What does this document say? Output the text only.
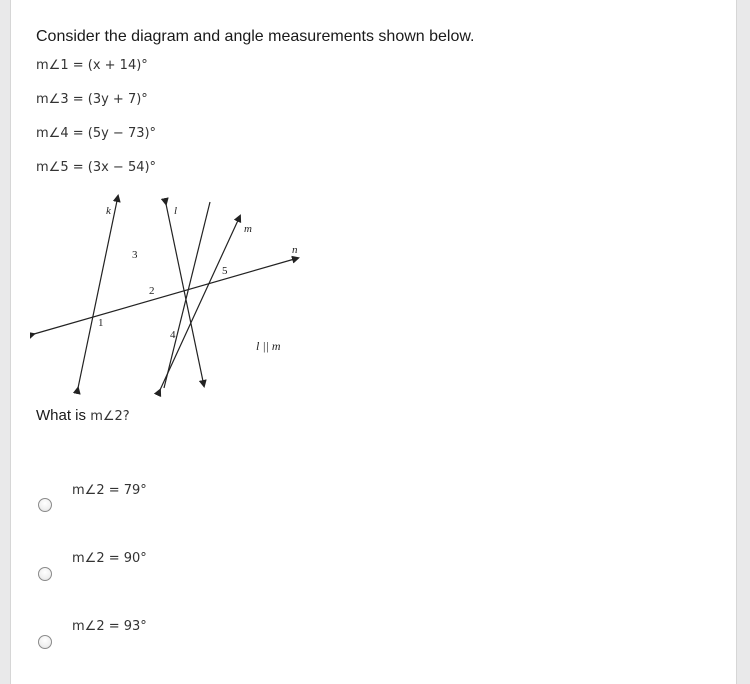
Consider the diagram and angle measurements shown below.
m∠1 = (x + 14)°
m∠3 = (3y + 7)°
m∠4 = (5y − 73)°
m∠5 = (3x − 54)°
k	l
m
n
1
2
3
4
5
l || m
What is m∠2?
m∠2 = 79°
m∠2 = 90°
m∠2 = 93°
